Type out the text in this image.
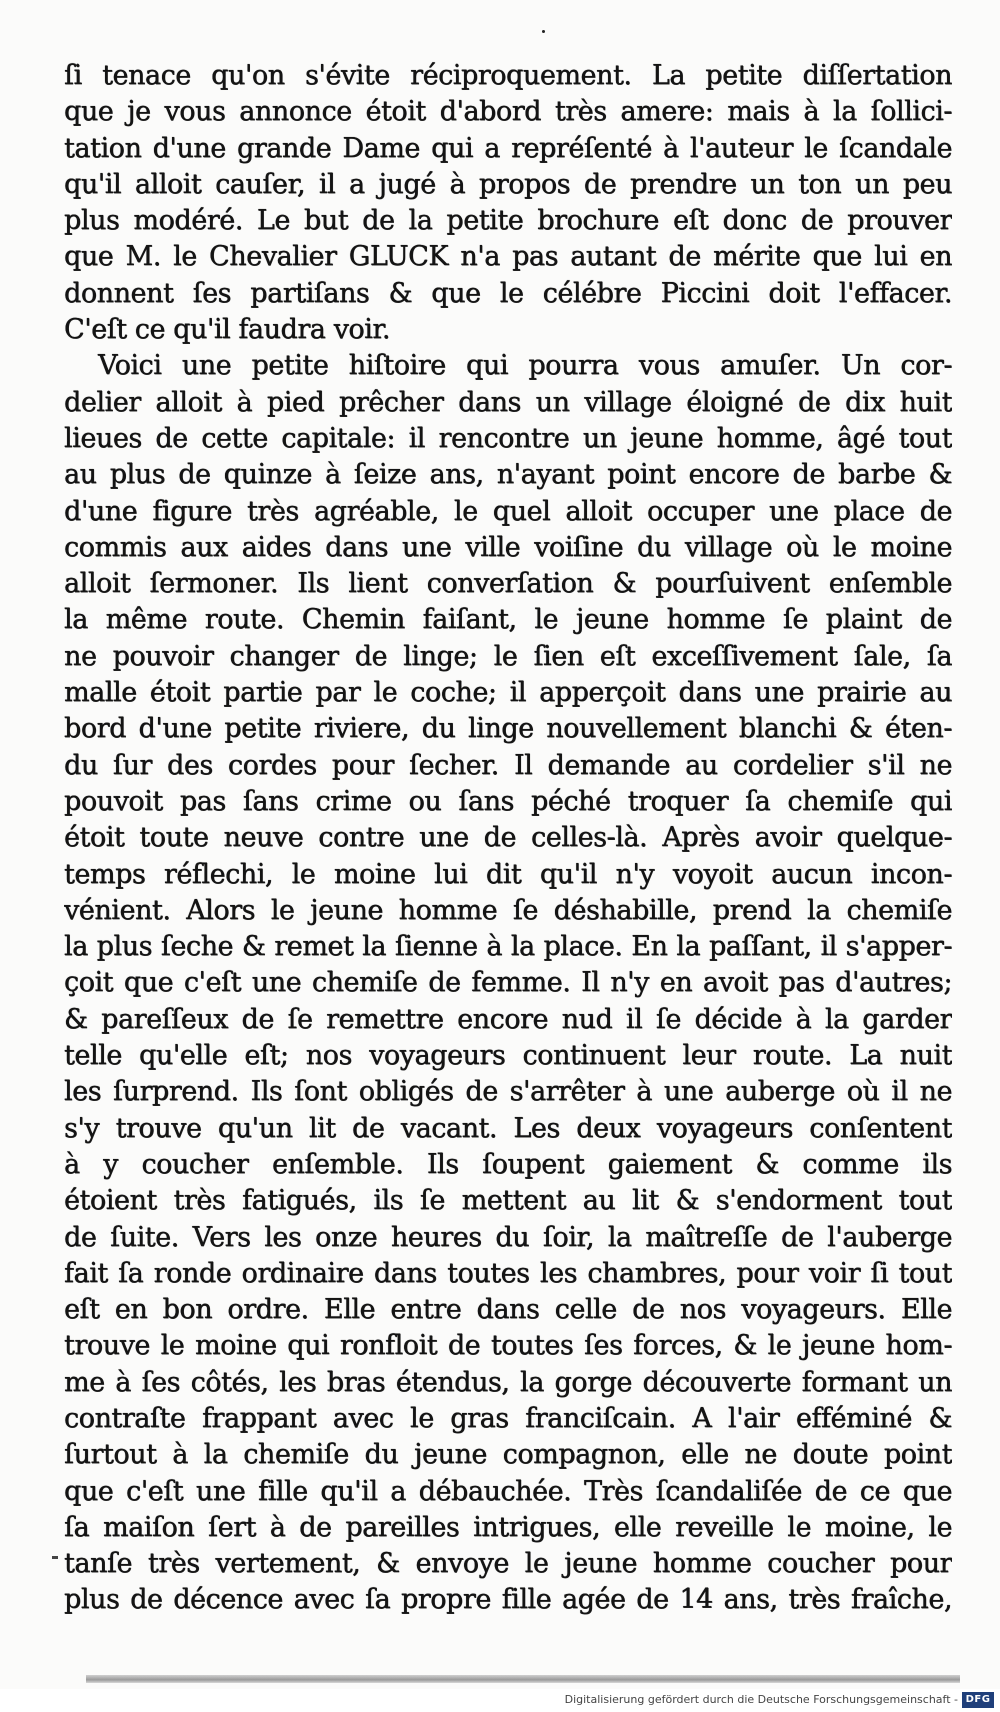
ſi tenace qu'on s'évite réciproquement. La petite diſſertation
que je vous annonce étoit d'abord très amere: mais à la ſollici-
tation d'une grande Dame qui a repréſenté à l'auteur le ſcandale
qu'il alloit cauſer, il a jugé à propos de prendre un ton un peu
plus modéré. Le but de la petite brochure eſt donc de prouver
que M. le Chevalier GLUCK n'a pas autant de mérite que lui en
donnent ſes partiſans & que le célébre Piccini doit l'effacer.
C'eſt ce qu'il faudra voir.
Voici une petite hiſtoire qui pourra vous amuſer. Un cor-
delier alloit à pied prêcher dans un village éloigné de dix huit
lieues de cette capitale: il rencontre un jeune homme, âgé tout
au plus de quinze à ſeize ans, n'ayant point encore de barbe &
d'une figure très agréable, le quel alloit occuper une place de
commis aux aides dans une ville voiſine du village où le moine
alloit ſermoner. Ils lient converſation & pourſuivent enſemble
la même route. Chemin faiſant, le jeune homme ſe plaint de
ne pouvoir changer de linge; le ſien eſt exceſſivement ſale, ſa
malle étoit partie par le coche; il apperçoit dans une prairie au
bord d'une petite riviere, du linge nouvellement blanchi & éten-
du ſur des cordes pour ſecher. Il demande au cordelier s'il ne
pouvoit pas ſans crime ou ſans péché troquer ſa chemiſe qui
étoit toute neuve contre une de celles-là. Après avoir quelque-
temps réflechi, le moine lui dit qu'il n'y voyoit aucun incon-
vénient. Alors le jeune homme ſe déshabille, prend la chemiſe
la plus ſeche & remet la ſienne à la place. En la paſſant, il s'apper-
çoit que c'eſt une chemiſe de femme. Il n'y en avoit pas d'autres;
& pareſſeux de ſe remettre encore nud il ſe décide à la garder
telle qu'elle eſt; nos voyageurs continuent leur route. La nuit
les ſurprend. Ils ſont obligés de s'arrêter à une auberge où il ne
s'y trouve qu'un lit de vacant. Les deux voyageurs conſentent
à y coucher enſemble. Ils ſoupent gaiement & comme ils
étoient très fatigués, ils ſe mettent au lit & s'endorment tout
de ſuite. Vers les onze heures du ſoir, la maîtreſſe de l'auberge
fait ſa ronde ordinaire dans toutes les chambres, pour voir ſi tout
eſt en bon ordre. Elle entre dans celle de nos voyageurs. Elle
trouve le moine qui ronfloit de toutes ſes forces, & le jeune hom-
me à ſes côtés, les bras étendus, la gorge découverte formant un
contraſte frappant avec le gras franciſcain. A l'air efféminé &
ſurtout à la chemiſe du jeune compagnon, elle ne doute point
que c'eſt une fille qu'il a débauchée. Très ſcandaliſée de ce que
ſa maiſon ſert à de pareilles intrigues, elle reveille le moine, le
tanſe très vertement, & envoye le jeune homme coucher pour
plus de décence avec ſa propre fille agée de 14 ans, très fraîche,
Digitalisierung gefördert durch die Deutsche Forschungsgemeinschaft - DFG
